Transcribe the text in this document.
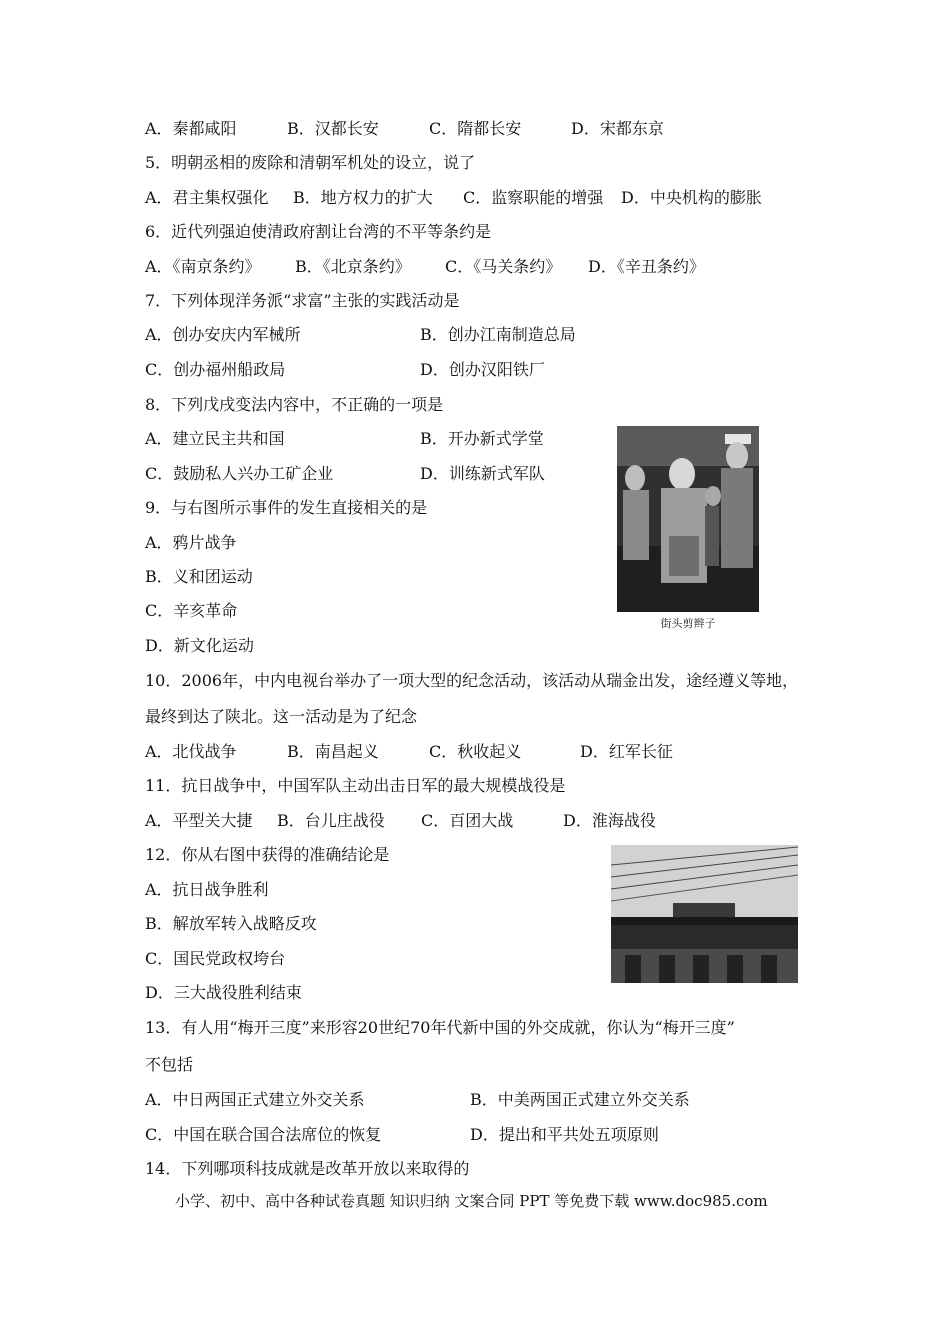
A．秦都咸阳	B．汉都长安	C．隋都长安	D．宋都东京
5．明朝丞相的废除和清朝军机处的设立，说了
A．君主集权强化 B．地方权力的扩大 C．监察职能的增强 D．中央机构的膨胀
6．近代列强迫使清政府割让台湾的不平等条约是
A．《南京条约》 B．《北京条约》 C．《马关条约》 D．《辛丑条约》
7．下列体现洋务派“求富”主张的实践活动是
A．创办安庆内军械所	B．创办江南制造总局
C．创办福州船政局	D．创办汉阳铁厂
8．下列戊戌变法内容中，不正确的一项是
A．建立民主共和国	B．开办新式学堂
C．鼓励私人兴办工矿企业	D．训练新式军队
9．与右图所示事件的发生直接相关的是
A．鸦片战争
B．义和团运动
C．辛亥革命
D．新文化运动
街头剪辫子
10．2006年，中内电视台举办了一项大型的纪念活动，该活动从瑞金出发，途经遵义等地，
最终到达了陕北。这一活动是为了纪念
A．北伐战争	B．南昌起义	C．秋收起义	D．红军长征
11．抗日战争中，中国军队主动出击日军的最大规模战役是
A．平型关大捷 B．台儿庄战役 C．百团大战	D．淮海战役
12．你从右图中获得的准确结论是
A．抗日战争胜利
B．解放军转入战略反攻
C．国民党政权垮台
D．三大战役胜利结束
13．有人用“梅开三度”来形容20世纪70年代新中国的外交成就，你认为“梅开三度”
不包括
A．中日两国正式建立外交关系	B．中美两国正式建立外交关系
C．中国在联合国合法席位的恢复	D．提出和平共处五项原则
14．下列哪项科技成就是改革开放以来取得的
小学、初中、高中各种试卷真题 知识归纳 文案合同 PPT 等免费下载 www.doc985.com
